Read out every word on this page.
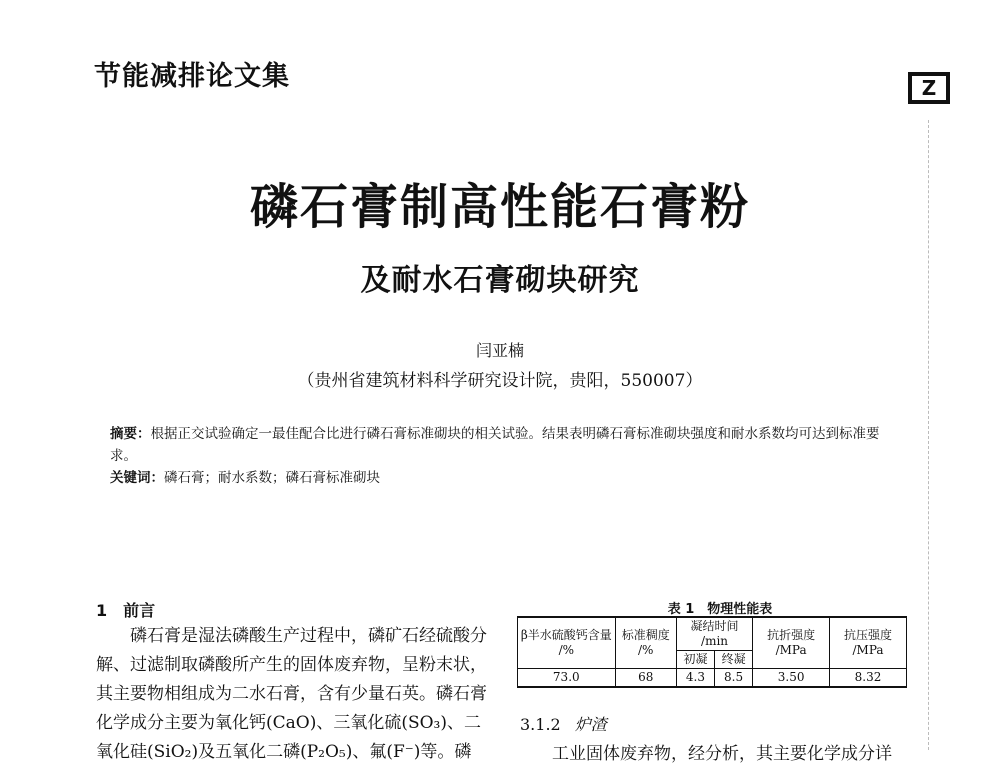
节能减排论文集	Z
磷石膏制高性能石膏粉
及耐水石膏砌块研究
闫亚楠
（贵州省建筑材料科学研究设计院，贵阳，550007）
摘要：根据正交试验确定一最佳配合比进行磷石膏标准砌块的相关试验。结果表明磷石膏标准砌块强度和耐水系数均可达到标准要求。
关键词：磷石膏；耐水系数；磷石膏标准砌块
1　前言

磷石膏是湿法磷酸生产过程中，磷矿石经硫酸分解、过滤制取磷酸所产生的固体废弃物，呈粉末状，其主要物相组成为二水石膏，含有少量石英。磷石膏化学成分主要为氧化钙(CaO)、三氧化硫(SO₃)、二氧化硅(SiO₂)及五氧化二磷(P₂O₅)、氟(F⁻)等。磷

表 1　物理性能表
β半水硫酸钙含量 /%	标准稠度 /%	凝结时间 /min		抗折强度 /MPa	抗压强度 /MPa
		初凝	终凝		
73.0	68	4.3	8.5	3.50	8.32
3.1.2 炉渣
工业固体废弃物，经分析，其主要化学成分详
